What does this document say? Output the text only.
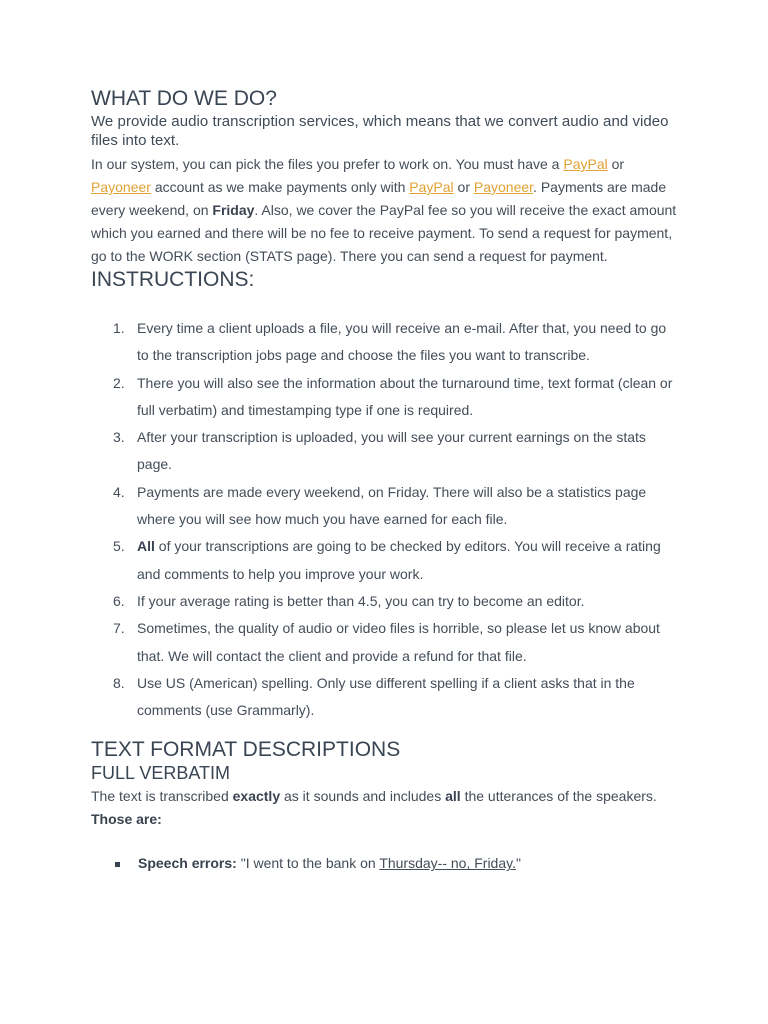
WHAT DO WE DO?

We provide audio transcription services, which means that we convert audio and video files into text.

In our system, you can pick the files you prefer to work on. You must have a PayPal or Payoneer account as we make payments only with PayPal or Payoneer. Payments are made every weekend, on Friday. Also, we cover the PayPal fee so you will receive the exact amount which you earned and there will be no fee to receive payment. To send a request for payment, go to the WORK section (STATS page). There you can send a request for payment.

INSTRUCTIONS:
1. Every time a client uploads a file, you will receive an e-mail. After that, you need to go to the transcription jobs page and choose the files you want to transcribe.
2. There you will also see the information about the turnaround time, text format (clean or full verbatim) and timestamping type if one is required.
3. After your transcription is uploaded, you will see your current earnings on the stats page.
4. Payments are made every weekend, on Friday. There will also be a statistics page where you will see how much you have earned for each file.
5. All of your transcriptions are going to be checked by editors. You will receive a rating and comments to help you improve your work.
6. If your average rating is better than 4.5, you can try to become an editor.
7. Sometimes, the quality of audio or video files is horrible, so please let us know about that. We will contact the client and provide a refund for that file.
8. Use US (American) spelling. Only use different spelling if a client asks that in the comments (use Grammarly).
TEXT FORMAT DESCRIPTIONS
FULL VERBATIM

The text is transcribed exactly as it sounds and includes all the utterances of the speakers.

Those are:

Speech errors: "I went to the bank on Thursday-- no, Friday."
